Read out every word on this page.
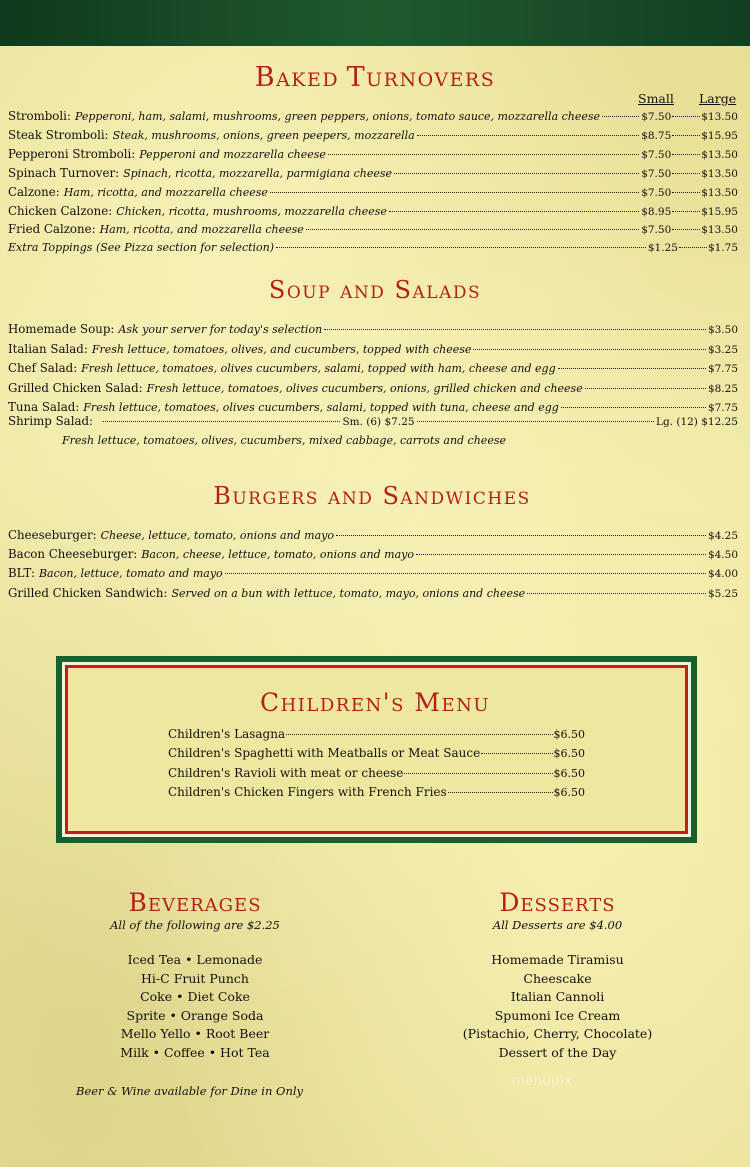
BAKED TURNOVERS
Small Large
Stromboli: Pepperoni, ham, salami, mushrooms, green peppers, onions, tomato sauce, mozzarella cheese	$7.50	$13.50
Steak Stromboli: Steak, mushrooms, onions, green peepers, mozzarella	$8.75	$15.95
Pepperoni Stromboli: Pepperoni and mozzarella cheese	$7.50	$13.50
Spinach Turnover: Spinach, ricotta, mozzarella, parmigiana cheese	$7.50	$13.50
Calzone: Ham, ricotta, and mozzarella cheese	$7.50	$13.50
Chicken Calzone: Chicken, ricotta, mushrooms, mozzarella cheese	$8.95	$15.95
Fried Calzone: Ham, ricotta, and mozzarella cheese	$7.50	$13.50
Extra Toppings (See Pizza section for selection)	$1.25	$1.75
Soup and Salads
Homemade Soup: Ask your server for today's selection	$3.50
Italian Salad: Fresh lettuce, tomatoes, olives, and cucumbers, topped with cheese	$3.25
Chef Salad: Fresh lettuce, tomatoes, olives cucumbers, salami, topped with ham, cheese and egg	$7.75
Grilled Chicken Salad: Fresh lettuce, tomatoes, olives cucumbers, onions, grilled chicken and cheese	$8.25
Tuna Salad: Fresh lettuce, tomatoes, olives cucumbers, salami, topped with tuna, cheese and egg	$7.75
Shrimp Salad:	Sm. (6) $7.25	Lg. (12) $12.25
Fresh lettuce, tomatoes, olives, cucumbers, mixed cabbage, carrots and cheese
Burgers and Sandwiches
Cheeseburger: Cheese, lettuce, tomato, onions and mayo	$4.25
Bacon Cheeseburger: Bacon, cheese, lettuce, tomato, onions and mayo	$4.50
BLT: Bacon, lettuce, tomato and mayo	$4.00
Grilled Chicken Sandwich: Served on a bun with lettuce, tomato, mayo, onions and cheese	$5.25
Children's Menu
Children's Lasagna	$6.50
Children's Spaghetti with Meatballs or Meat Sauce	$6.50
Children's Ravioli with meat or cheese	$6.50
Children's Chicken Fingers with French Fries	$6.50
Beverages
All of the following are $2.25
Iced Tea • Lemonade
Hi-C Fruit Punch
Coke • Diet Coke
Sprite • Orange Soda
Mello Yello • Root Beer
Milk • Coffee • Hot Tea
Beer & Wine available for Dine in Only
Desserts
All Desserts are $4.00
Homemade Tiramisu
Cheescake
Italian Cannoli
Spumoni Ice Cream
(Pistachio, Cherry, Chocolate)
Dessert of the Day
menupix
